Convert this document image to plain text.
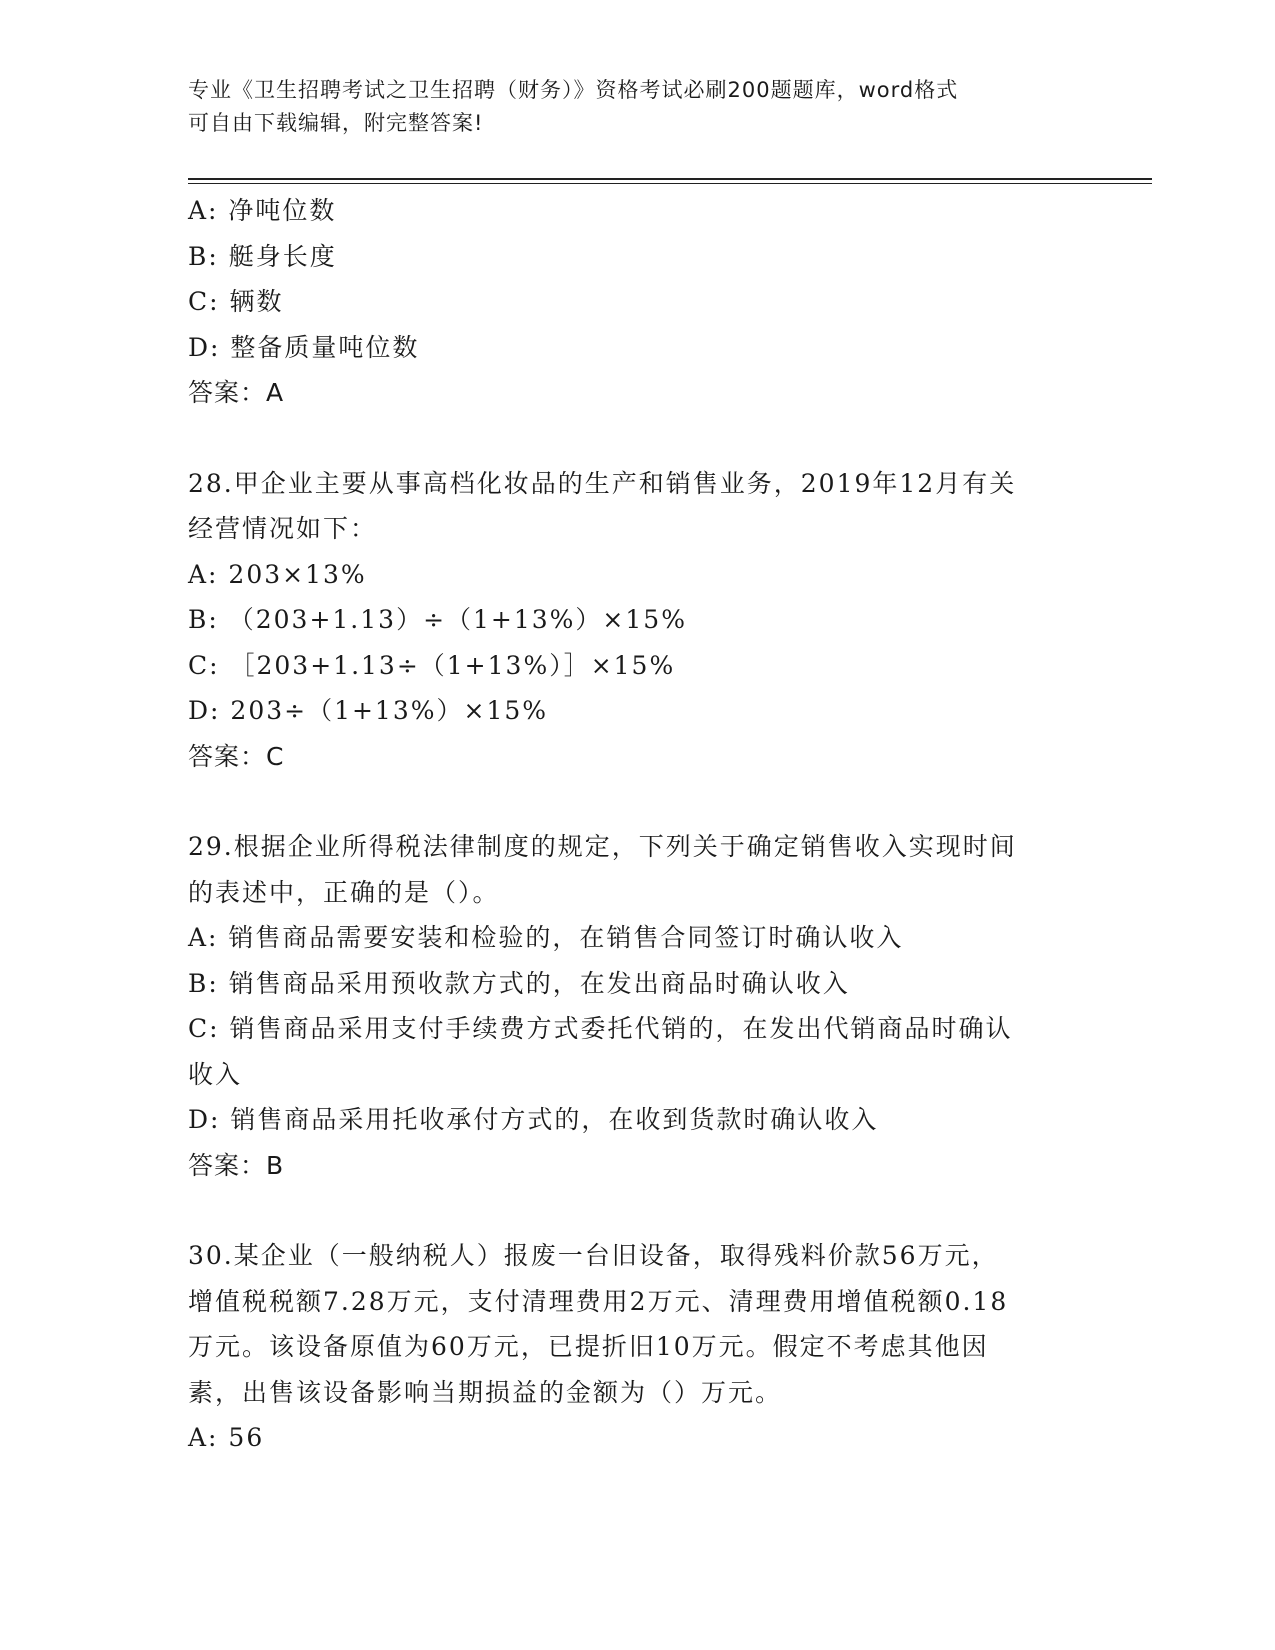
专业《卫生招聘考试之卫生招聘（财务）》资格考试必刷200题题库，word格式
可自由下载编辑，附完整答案!
A: 净吨位数
B: 艇身长度
C: 辆数
D: 整备质量吨位数
答案：A
28.甲企业主要从事高档化妆品的生产和销售业务，2019年12月有关
经营情况如下：
A: 203×13%
B: （203+1.13）÷（1+13%）×15%
C: ［203+1.13÷（1+13%）］×15%
D: 203÷（1+13%）×15%
答案：C
29.根据企业所得税法律制度的规定，下列关于确定销售收入实现时间
的表述中，正确的是（）。
A: 销售商品需要安装和检验的，在销售合同签订时确认收入
B: 销售商品采用预收款方式的，在发出商品时确认收入
C: 销售商品采用支付手续费方式委托代销的，在发出代销商品时确认
收入
D: 销售商品采用托收承付方式的，在收到货款时确认收入
答案：B
30.某企业（一般纳税人）报废一台旧设备，取得残料价款56万元，
增值税税额7.28万元，支付清理费用2万元、清理费用增值税额0.18
万元。该设备原值为60万元，已提折旧10万元。假定不考虑其他因
素，出售该设备影响当期损益的金额为（）万元。
A: 56
